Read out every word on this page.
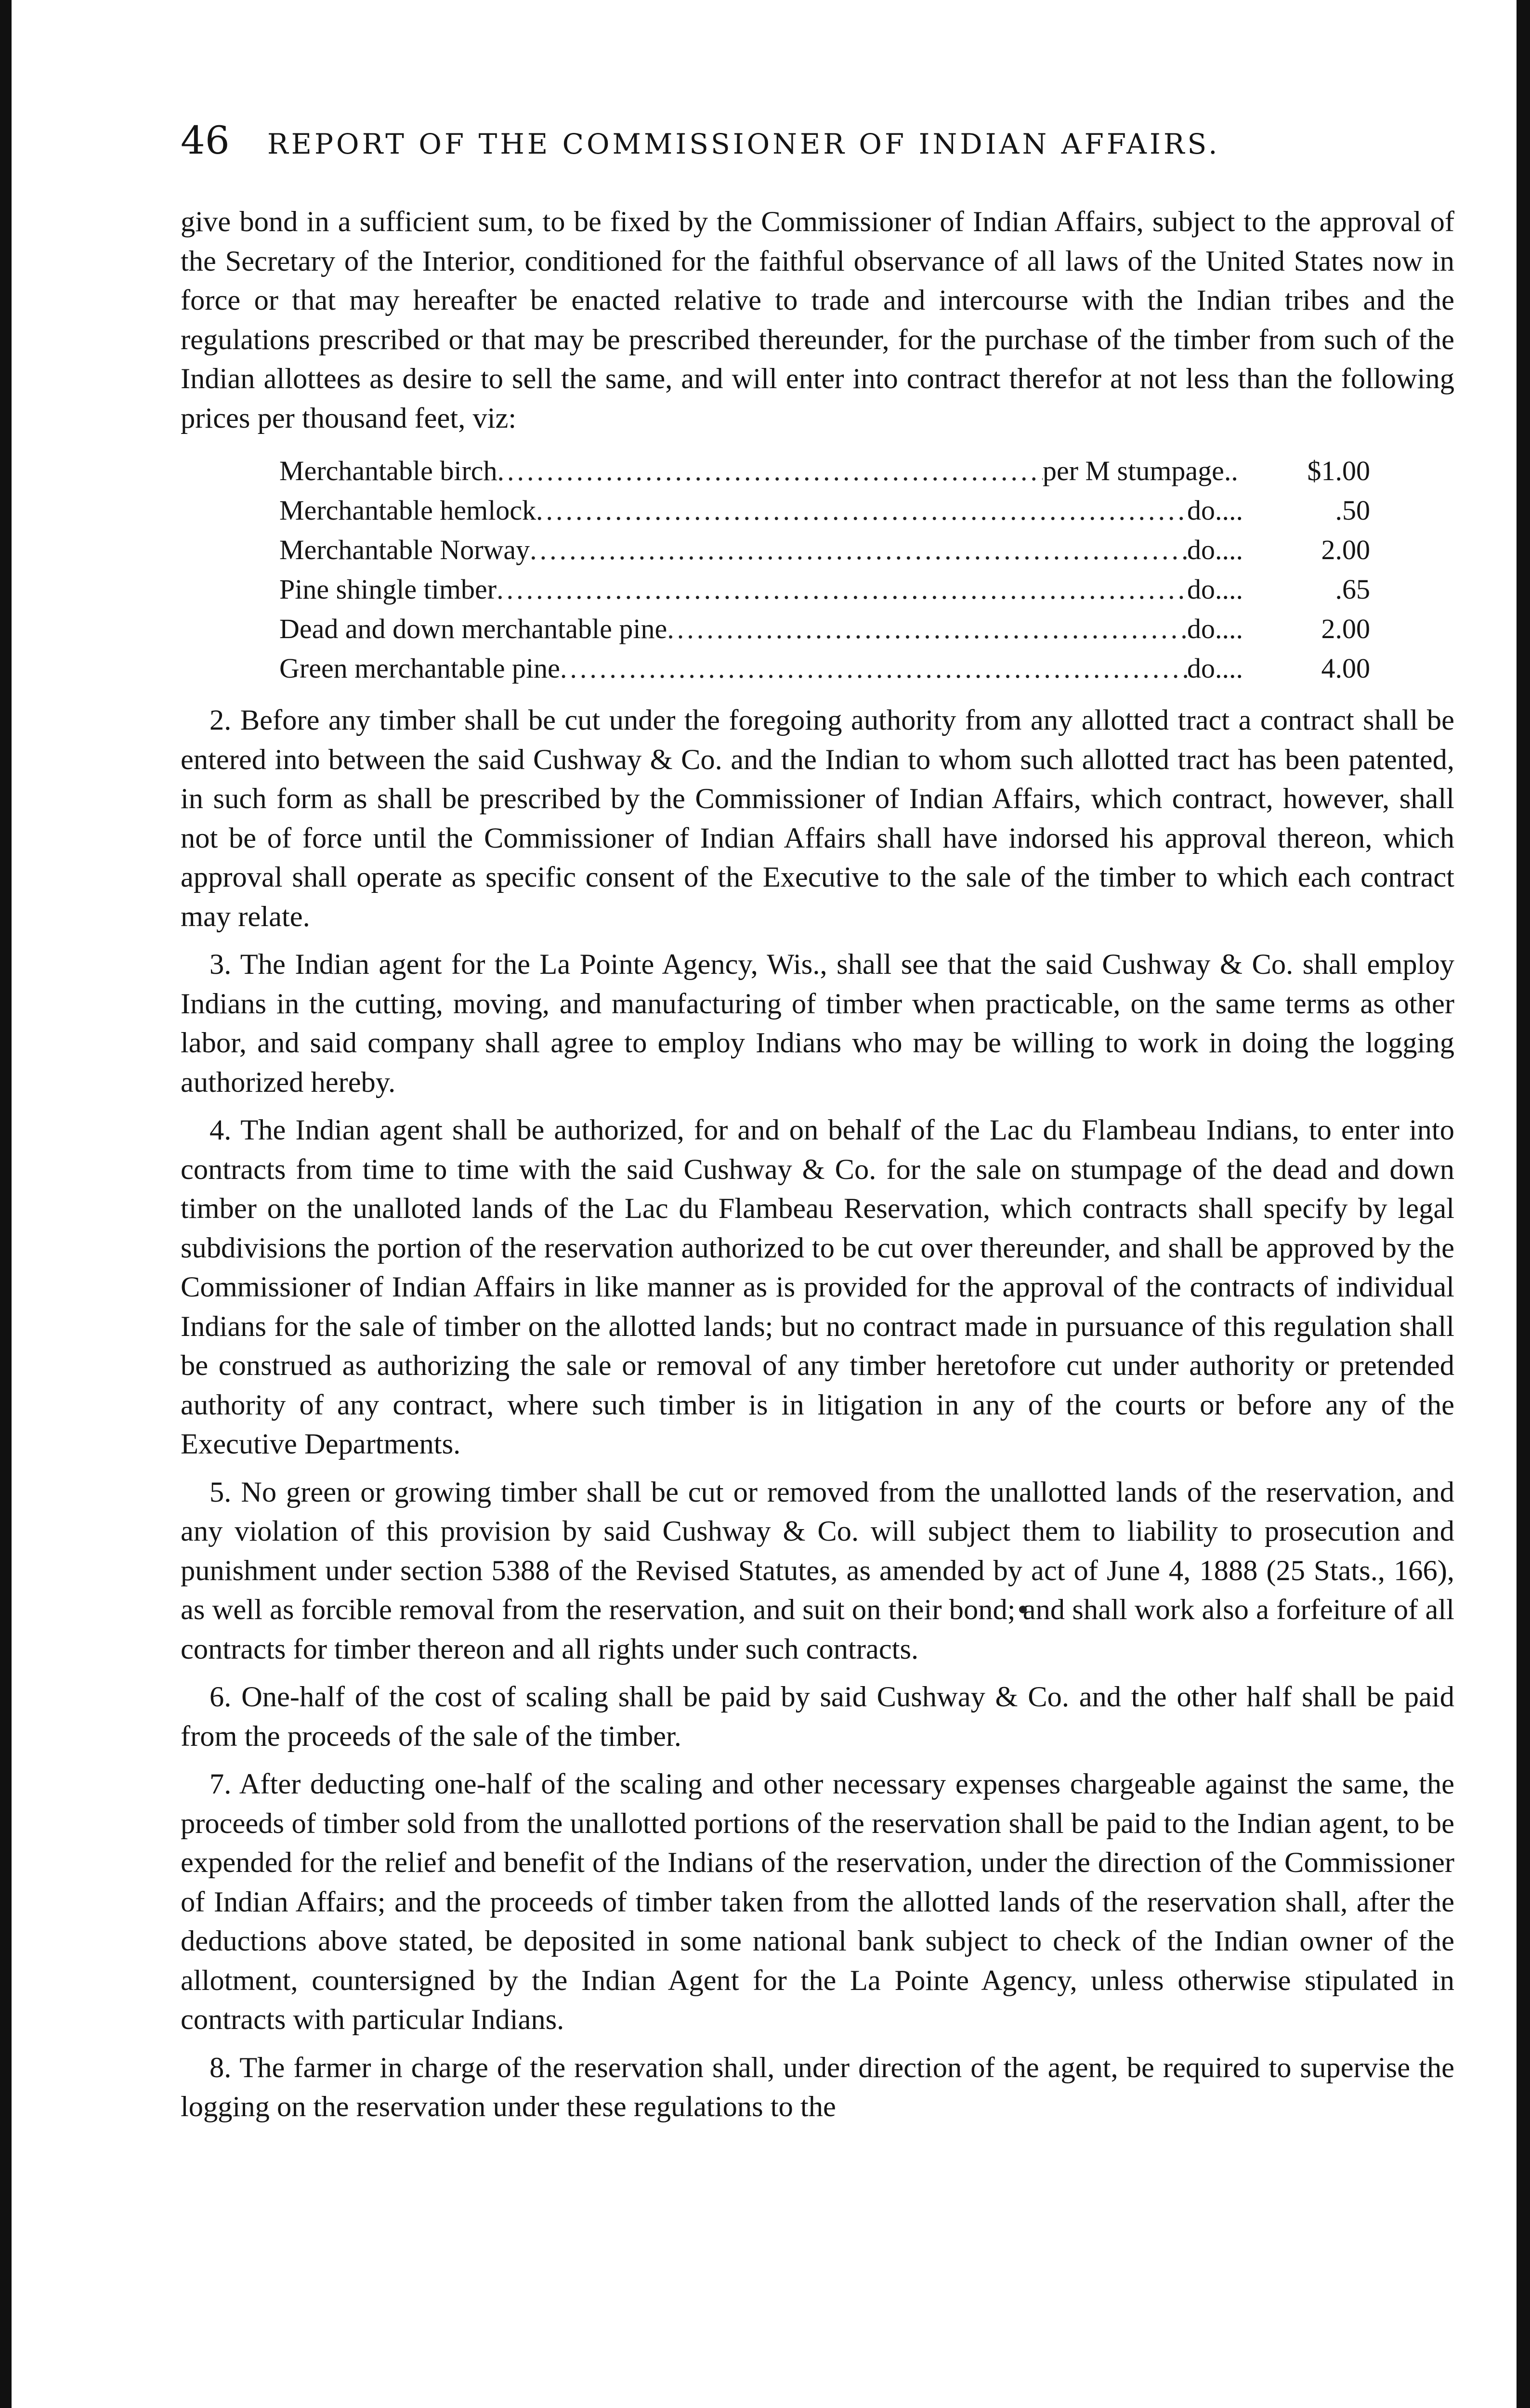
46	REPORT OF THE COMMISSIONER OF INDIAN AFFAIRS.

give bond in a sufficient sum, to be fixed by the Commissioner of Indian Affairs, subject to the approval of the Secretary of the Interior, conditioned for the faithful observance of all laws of the United States now in force or that may hereafter be enacted relative to trade and intercourse with the Indian tribes and the regulations prescribed or that may be prescribed thereunder, for the purchase of the timber from such of the Indian allottees as desire to sell the same, and will enter into contract therefor at not less than the following prices per thousand feet, viz:

Merchantable birch .....	per M stumpage..	$1.00
Merchantable hemlock .....	do....	.50
Merchantable Norway .....	do....	2.00
Pine shingle timber .....	do....	.65
Dead and down merchantable pine .....	do....	2.00
Green merchantable pine .....	do....	4.00

2. Before any timber shall be cut under the foregoing authority from any allotted tract a contract shall be entered into between the said Cushway & Co. and the Indian to whom such allotted tract has been patented, in such form as shall be prescribed by the Commissioner of Indian Affairs, which contract, however, shall not be of force until the Commissioner of Indian Affairs shall have indorsed his approval thereon, which approval shall operate as specific consent of the Executive to the sale of the timber to which each contract may relate.

3. The Indian agent for the La Pointe Agency, Wis., shall see that the said Cushway & Co. shall employ Indians in the cutting, moving, and manufacturing of timber when practicable, on the same terms as other labor, and said company shall agree to employ Indians who may be willing to work in doing the logging authorized hereby.

4. The Indian agent shall be authorized, for and on behalf of the Lac du Flambeau Indians, to enter into contracts from time to time with the said Cushway & Co. for the sale on stumpage of the dead and down timber on the unalloted lands of the Lac du Flambeau Reservation, which contracts shall specify by legal subdivisions the portion of the reservation authorized to be cut over thereunder, and shall be approved by the Commissioner of Indian Affairs in like manner as is provided for the approval of the contracts of individual Indians for the sale of timber on the allotted lands; but no contract made in pursuance of this regulation shall be construed as authorizing the sale or removal of any timber heretofore cut under authority or pretended authority of any contract, where such timber is in litigation in any of the courts or before any of the Executive Departments.

5. No green or growing timber shall be cut or removed from the unallotted lands of the reservation, and any violation of this provision by said Cushway & Co. will subject them to liability to prosecution and punishment under section 5388 of the Revised Statutes, as amended by act of June 4, 1888 (25 Stats., 166), as well as forcible removal from the reservation, and suit on their bond; and shall work also a forfeiture of all contracts for timber thereon and all rights under such contracts.

6. One-half of the cost of scaling shall be paid by said Cushway & Co. and the other half shall be paid from the proceeds of the sale of the timber.

7. After deducting one-half of the scaling and other necessary expenses chargeable against the same, the proceeds of timber sold from the unallotted portions of the reservation shall be paid to the Indian agent, to be expended for the relief and benefit of the Indians of the reservation, under the direction of the Commissioner of Indian Affairs; and the proceeds of timber taken from the allotted lands of the reservation shall, after the deductions above stated, be deposited in some national bank subject to check of the Indian owner of the allotment, countersigned by the Indian Agent for the La Pointe Agency, unless otherwise stipulated in contracts with particular Indians.

8. The farmer in charge of the reservation shall, under direction of the agent, be required to supervise the logging on the reservation under these regulations to the
